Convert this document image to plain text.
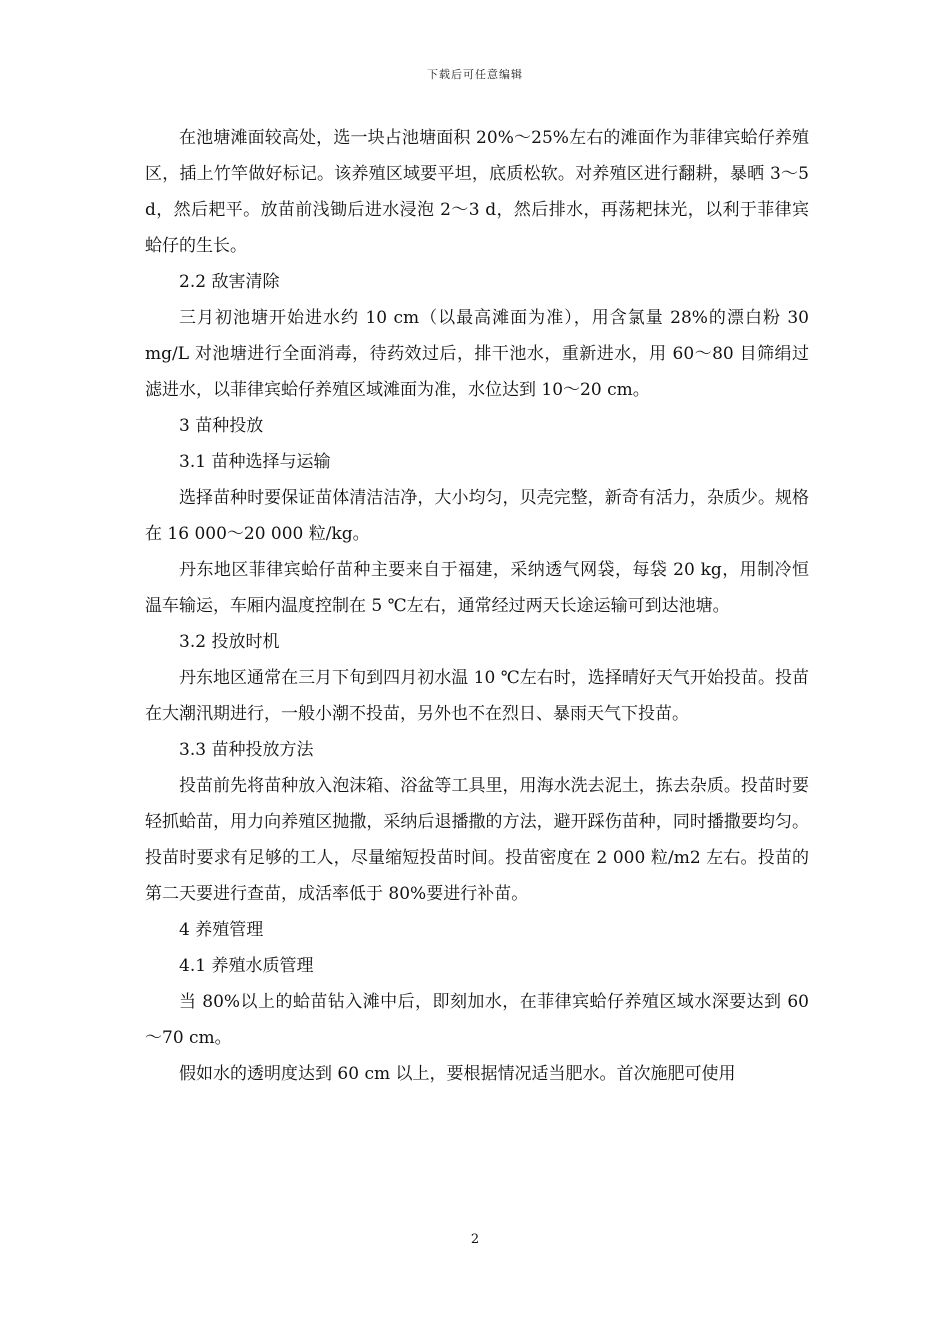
下载后可任意编辑

在池塘滩面较高处，选一块占池塘面积 20%～25%左右的滩面作为菲律宾蛤仔养殖区，插上竹竿做好标记。该养殖区域要平坦，底质松软。对养殖区进行翻耕，暴晒 3～5 d，然后耙平。放苗前浅锄后进水浸泡 2～3 d，然后排水，再荡耙抹光，以利于菲律宾蛤仔的生长。

2.2 敌害清除

三月初池塘开始进水约 10 cm（以最高滩面为准），用含氯量 28%的漂白粉 30 mg/L 对池塘进行全面消毒，待药效过后，排干池水，重新进水，用 60～80 目筛绢过滤进水，以菲律宾蛤仔养殖区域滩面为准，水位达到 10～20 cm。

3 苗种投放

3.1 苗种选择与运输

选择苗种时要保证苗体清洁洁净，大小均匀，贝壳完整，新奇有活力，杂质少。规格在 16 000～20 000 粒/kg。

丹东地区菲律宾蛤仔苗种主要来自于福建，采纳透气网袋，每袋 20 kg，用制冷恒温车输运，车厢内温度控制在 5 ℃左右，通常经过两天长途运输可到达池塘。

3.2 投放时机

丹东地区通常在三月下旬到四月初水温 10 ℃左右时，选择晴好天气开始投苗。投苗在大潮汛期进行，一般小潮不投苗，另外也不在烈日、暴雨天气下投苗。

3.3 苗种投放方法

投苗前先将苗种放入泡沫箱、浴盆等工具里，用海水洗去泥土，拣去杂质。投苗时要轻抓蛤苗，用力向养殖区抛撒，采纳后退播撒的方法，避开踩伤苗种，同时播撒要均匀。投苗时要求有足够的工人，尽量缩短投苗时间。投苗密度在 2 000 粒/m2 左右。投苗的第二天要进行查苗，成活率低于 80%要进行补苗。

4 养殖管理

4.1 养殖水质管理

当 80%以上的蛤苗钻入滩中后，即刻加水，在菲律宾蛤仔养殖区域水深要达到 60～70 cm。

假如水的透明度达到 60 cm 以上，要根据情况适当肥水。首次施肥可使用

2
